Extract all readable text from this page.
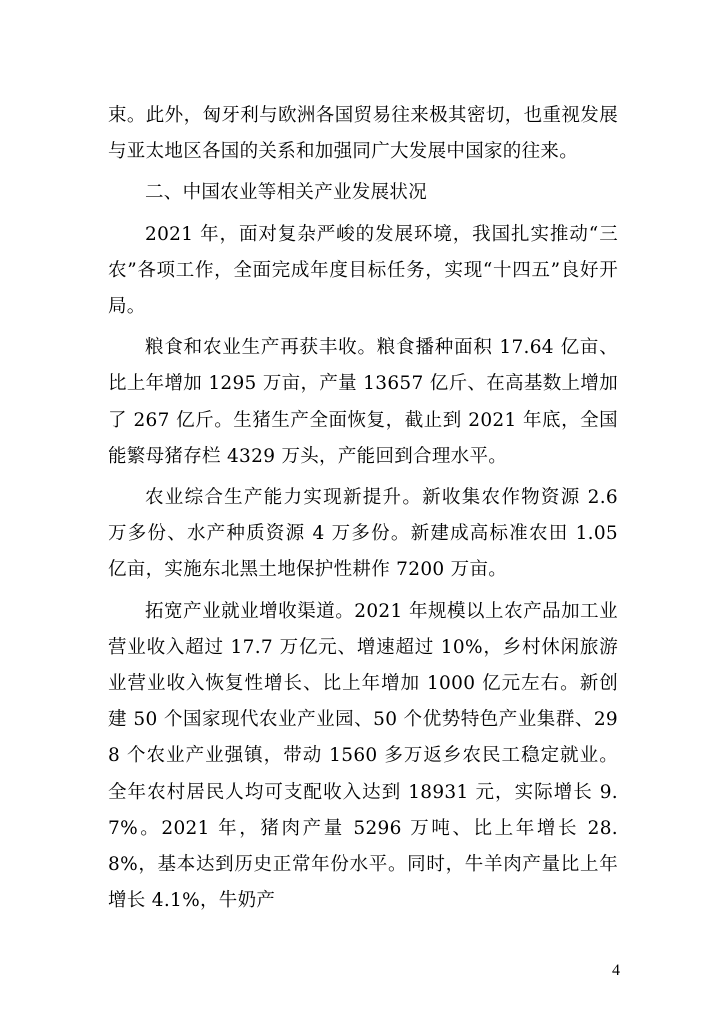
束。此外，匈牙利与欧洲各国贸易往来极其密切，也重视发展与亚太地区各国的关系和加强同广大发展中国家的往来。

二、中国农业等相关产业发展状况

2021 年，面对复杂严峻的发展环境，我国扎实推动“三农”各项工作，全面完成年度目标任务，实现“十四五”良好开局。

粮食和农业生产再获丰收。粮食播种面积 17.64 亿亩、比上年增加 1295 万亩，产量 13657 亿斤、在高基数上增加了 267 亿斤。生猪生产全面恢复，截止到 2021 年底，全国能繁母猪存栏 4329 万头，产能回到合理水平。

农业综合生产能力实现新提升。新收集农作物资源 2.6 万多份、水产种质资源 4 万多份。新建成高标准农田 1.05 亿亩，实施东北黑土地保护性耕作 7200 万亩。

拓宽产业就业增收渠道。2021 年规模以上农产品加工业营业收入超过 17.7 万亿元、增速超过 10%，乡村休闲旅游业营业收入恢复性增长、比上年增加 1000 亿元左右。新创建 50 个国家现代农业产业园、50 个优势特色产业集群、298 个农业产业强镇，带动 1560 多万返乡农民工稳定就业。全年农村居民人均可支配收入达到 18931 元，实际增长 9.7%。2021 年，猪肉产量 5296 万吨、比上年增长 28.8%，基本达到历史正常年份水平。同时，牛羊肉产量比上年增长 4.1%，牛奶产

4
